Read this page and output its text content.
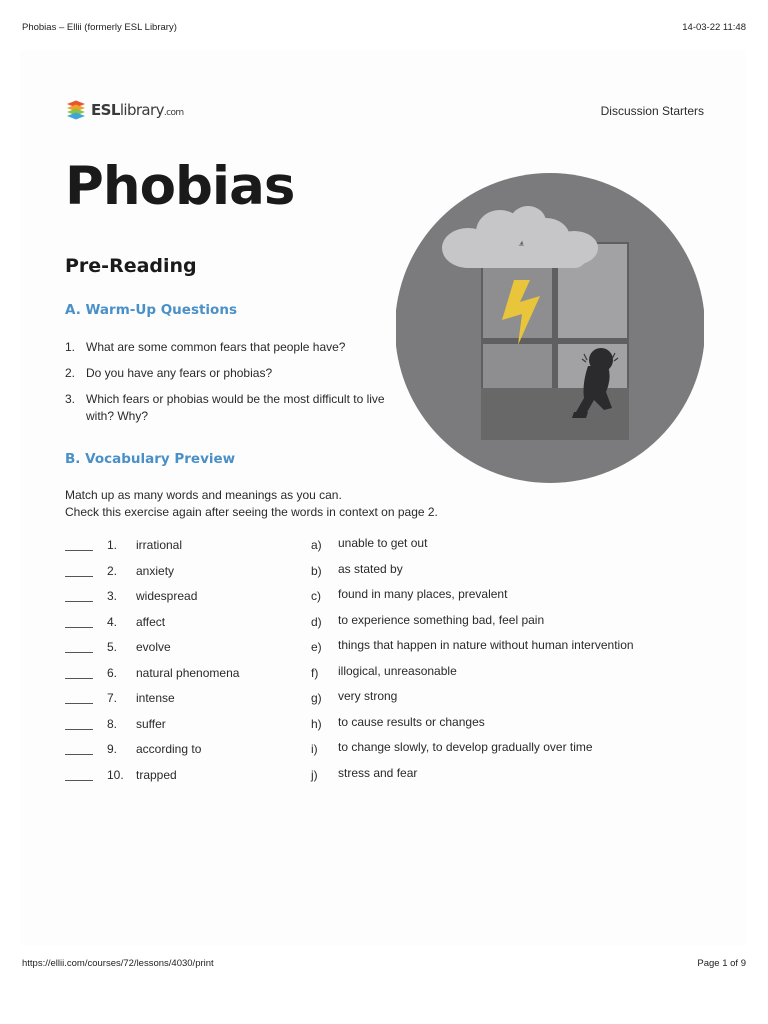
Phobias – Ellii (formerly ESL Library)	14-03-22 11:48
ESLlibrary.com	Discussion Starters
Phobias
Pre-Reading
A. Warm-Up Questions
1. What are some common fears that people have?
2. Do you have any fears or phobias?
3. Which fears or phobias would be the most difficult to live with? Why?
B. Vocabulary Preview
Match up as many words and meanings as you can.
Check this exercise again after seeing the words in context on page 2.
1. irrational	a) unable to get out
2. anxiety	b) as stated by
3. widespread	c) found in many places, prevalent
4. affect	d) to experience something bad, feel pain
5. evolve	e) things that happen in nature without human intervention
6. natural phenomena	f) illogical, unreasonable
7. intense	g) very strong
8. suffer	h) to cause results or changes
9. according to	i) to change slowly, to develop gradually over time
10. trapped	j) stress and fear
https://ellii.com/courses/72/lessons/4030/print	Page 1 of 9
